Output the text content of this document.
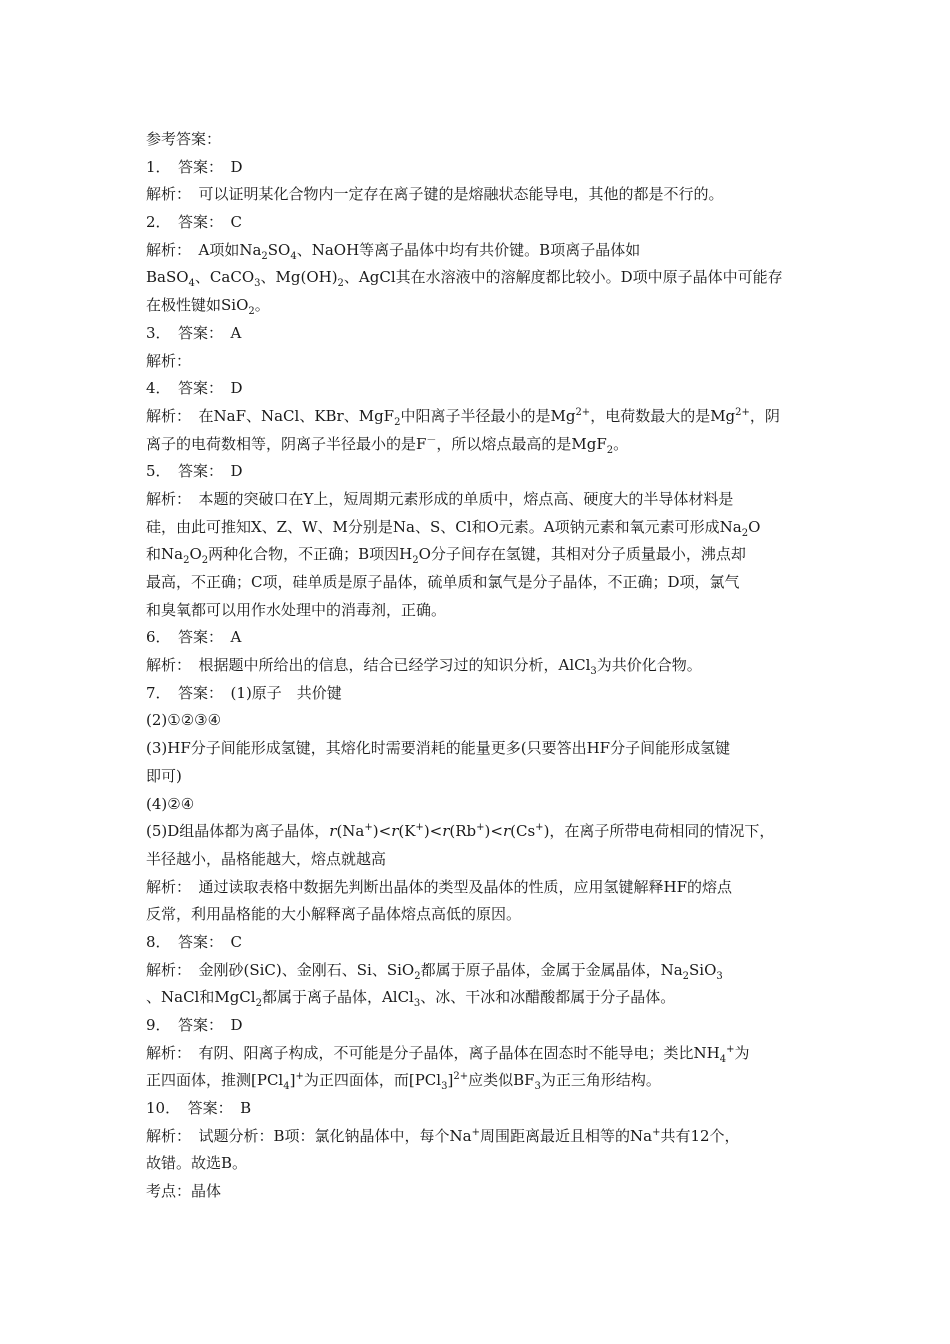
参考答案：
1．　答案：　D
解析：　可以证明某化合物内一定存在离子键的是熔融状态能导电，其他的都是不行的。
2．　答案：　C
解析：　A项如$Na_2SO_4$、NaOH等离子晶体中均有共价键。B项离子晶体如
BaSO$_4$、CaCO$_3$、$Mg(OH)_2$、AgCl其在水溶液中的溶解度都比较小。D项中原子晶体中可能存
在极性键如SiO$_2$。
3．　答案：　A
解析：
4．　答案：　D
解析：　在NaF、NaCl、KBr、MgF$_2$中阳离子半径最小的是$Mg^{2+}$，电荷数最大的是$Mg^{2+}$，阴
离子的电荷数相等，阴离子半径最小的是F－，所以熔点最高的是MgF$_2$。
5．　答案：　D
解析：　本题的突破口在Y上，短周期元素形成的单质中，熔点高、硬度大的半导体材料是
硅，由此可推知X、Z、W、M分别是Na、S、Cl和O元素。A项钠元素和氧元素可形成$Na_2O$
和$Na_2O_2$两种化合物，不正确；B项因$H_2O$分子间存在氢键，其相对分子质量最小，沸点却
最高，不正确；C项，硅单质是原子晶体，硫单质和氯气是分子晶体，不正确；D项，氯气
和臭氧都可以用作水处理中的消毒剂，正确。
6．　答案：　A
解析：　根据题中所给出的信息，结合已经学习过的知识分析，AlCl$_3$为共价化合物。
7．　答案：　(1)原子　共价键
(2)①②③④
(3)HF分子间能形成氢键，其熔化时需要消耗的能量更多(只要答出HF分子间能形成氢键
即可)
(4)②④
(5)D组晶体都为离子晶体，r(Na+)<r(K+)<r(Rb+)<r(Cs+)，在离子所带电荷相同的情况下，
半径越小，晶格能越大，熔点就越高
解析：　通过读取表格中数据先判断出晶体的类型及晶体的性质，应用氢键解释HF的熔点
反常，利用晶格能的大小解释离子晶体熔点高低的原因。
8．　答案：　C
解析：　金刚砂(SiC)、金刚石、Si、SiO$_2$都属于原子晶体，金属于金属晶体，$Na_2SiO_3$
、NaCl和MgCl$_2$都属于离子晶体，AlCl$_3$、冰、干冰和冰醋酸都属于分子晶体。
9．　答案：　D
解析：　有阴、阳离子构成，不可能是分子晶体，离子晶体在固态时不能导电；类比$NH_4^+$为
正四面体，推测[PCl$_4$]+为正四面体，而$[PCl_3]^{2+}$应类似$BF_3$为正三角形结构。
10．　答案：　B
解析：　试题分析：B项：氯化钠晶体中，每个Na+周围距离最近且相等的Na+共有12个，
故错。故选B。
考点：晶体
